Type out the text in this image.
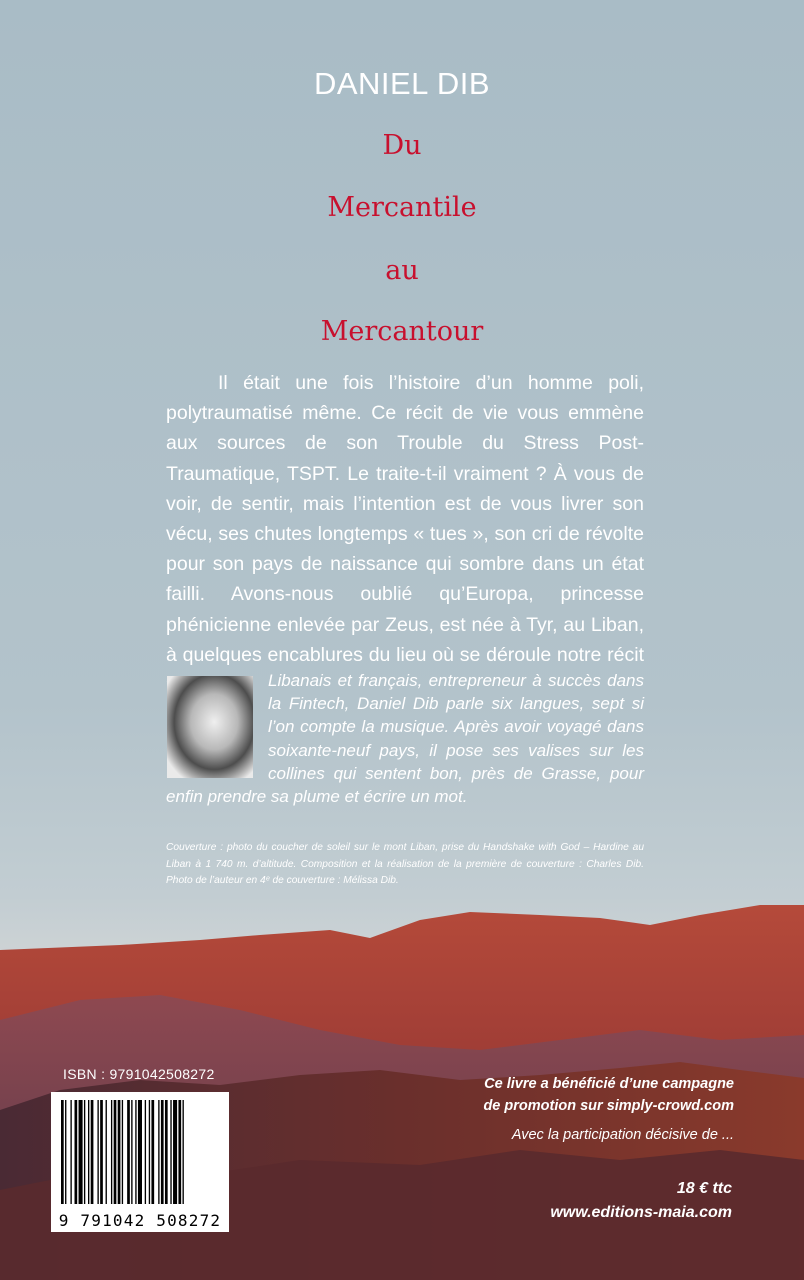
DANIEL DIB
Du
Mercantile
au
Mercantour

Il était une fois l’histoire d’un homme poli, polytraumatisé même. Ce récit de vie vous emmène aux sources de son Trouble du Stress Post-Traumatique, TSPT. Le traite-t-il vraiment ? À vous de voir, de sentir, mais l’intention est de vous livrer son vécu, ses chutes longtemps « tues », son cri de révolte pour son pays de naissance qui sombre dans un état failli. Avons-nous oublié qu’Europa, princesse phénicienne enlevée par Zeus, est née à Tyr, au Liban, à quelques encablures du lieu où se déroule notre récit

Libanais et français, entrepreneur à succès dans la Fintech, Daniel Dib parle six langues, sept si l’on compte la musique. Après avoir voyagé dans soixante-neuf pays, il pose ses valises sur les collines qui sentent bon, près de Grasse, pour enfin prendre sa plume et écrire un mot.

Couverture : photo du coucher de soleil sur le mont Liban, prise du Handshake with God – Hardine au Liban à 1 740 m. d’altitude. Composition et la réalisation de la première de couverture : Charles Dib. Photo de l’auteur en 4ᵉ de couverture : Mélissa Dib.

ISBN : 9791042508272
9 791042 508272
Ce livre a bénéficié d’une campagne
de promotion sur simply-crowd.com
Avec la participation décisive de ...
18 € ttc
www.editions-maia.com
